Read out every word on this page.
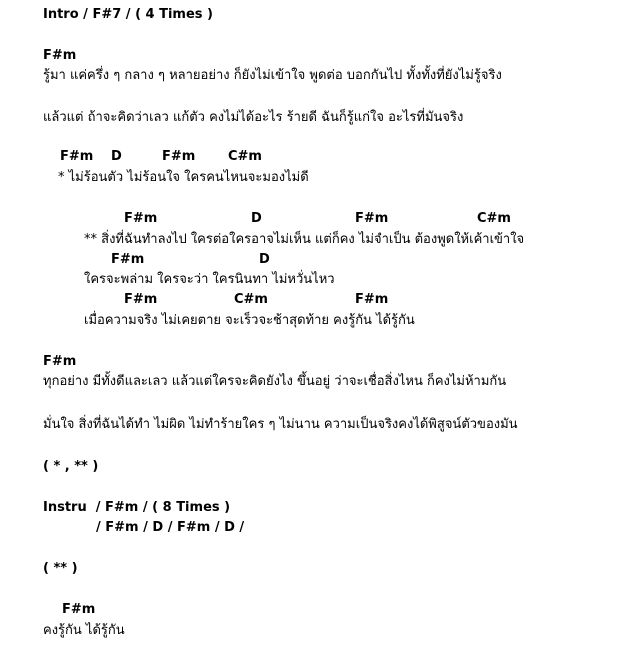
Intro / F#7 / ( 4 Times )
F#m
รู้มา แค่ครึ่ง ๆ กลาง ๆ หลายอย่าง ก็ยังไม่เข้าใจ พูดต่อ บอกกันไป ทั้งทั้งที่ยังไม่รู้จริง
แล้วแต่ ถ้าจะคิดว่าเลว แก้ตัว คงไม่ได้อะไร ร้ายดี ฉันก็รู้แก่ใจ อะไรที่มันจริง
F#m D	F#m	C#m
* ไม่ร้อนตัว ไม่ร้อนใจ ใครคนไหนจะมองไม่ดี
F#m	D	F#m	C#m
** สิ่งที่ฉันทำลงไป ใครต่อใครอาจไม่เห็น แต่ก็คง ไม่จำเป็น ต้องพูดให้เค้าเข้าใจ
F#m	D
ใครจะพล่าม ใครจะว่า ใครนินทา ไม่หวั่นไหว
F#m	C#m	F#m
เมื่อความจริง ไม่เคยตาย จะเร็วจะช้าสุดท้าย คงรู้กัน ได้รู้กัน
F#m
ทุกอย่าง มีทั้งดีและเลว แล้วแต่ใครจะคิดยังไง ขึ้นอยู่ ว่าจะเชื่อสิ่งไหน ก็คงไม่ห้ามกัน
มั่นใจ สิ่งที่ฉันได้ทำ ไม่ผิด ไม่ทำร้ายใคร ๆ ไม่นาน ความเป็นจริงคงได้พิสูจน์ตัวของมัน
( * , ** )
Instru  / F#m / ( 8 Times )
/ F#m / D / F#m / D /
( ** )
F#m
คงรู้กัน ได้รู้กัน
